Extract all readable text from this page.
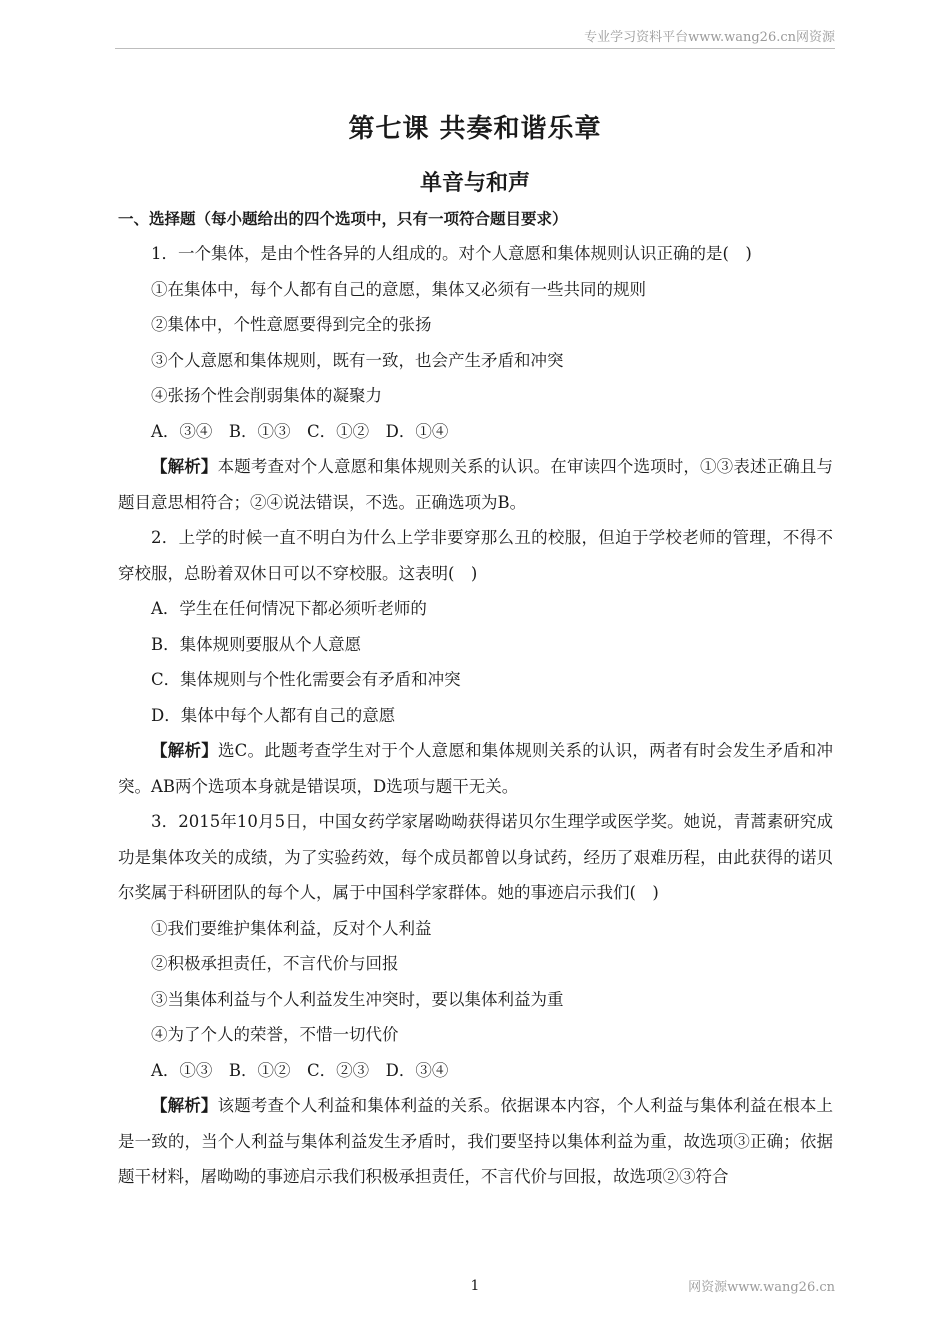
专业学习资料平台www.wang26.cn网资源
第七课 共奏和谐乐章
单音与和声
一、选择题（每小题给出的四个选项中，只有一项符合题目要求）

1．一个集体，是由个性各异的人组成的。对个人意愿和集体规则认识正确的是(　)

①在集体中，每个人都有自己的意愿，集体又必须有一些共同的规则

②集体中，个性意愿要得到完全的张扬

③个人意愿和集体规则，既有一致，也会产生矛盾和冲突

④张扬个性会削弱集体的凝聚力

A．③④　B．①③　C．①②　D．①④

【解析】本题考查对个人意愿和集体规则关系的认识。在审读四个选项时，①③表述正确且与题目意思相符合；②④说法错误，不选。正确选项为B。

2．上学的时候一直不明白为什么上学非要穿那么丑的校服，但迫于学校老师的管理，不得不穿校服，总盼着双休日可以不穿校服。这表明(　)

A．学生在任何情况下都必须听老师的

B．集体规则要服从个人意愿

C．集体规则与个性化需要会有矛盾和冲突

D．集体中每个人都有自己的意愿

【解析】选C。此题考查学生对于个人意愿和集体规则关系的认识，两者有时会发生矛盾和冲突。AB两个选项本身就是错误项，D选项与题干无关。

3．2015年10月5日，中国女药学家屠呦呦获得诺贝尔生理学或医学奖。她说，青蒿素研究成功是集体攻关的成绩，为了实验药效，每个成员都曾以身试药，经历了艰难历程，由此获得的诺贝尔奖属于科研团队的每个人，属于中国科学家群体。她的事迹启示我们(　)

①我们要维护集体利益，反对个人利益

②积极承担责任，不言代价与回报

③当集体利益与个人利益发生冲突时，要以集体利益为重

④为了个人的荣誉，不惜一切代价

A．①③　B．①②　C．②③　D．③④

【解析】该题考查个人利益和集体利益的关系。依据课本内容，个人利益与集体利益在根本上是一致的，当个人利益与集体利益发生矛盾时，我们要坚持以集体利益为重，故选项③正确；依据题干材料，屠呦呦的事迹启示我们积极承担责任，不言代价与回报，故选项②③符合

1	网资源www.wang26.cn
